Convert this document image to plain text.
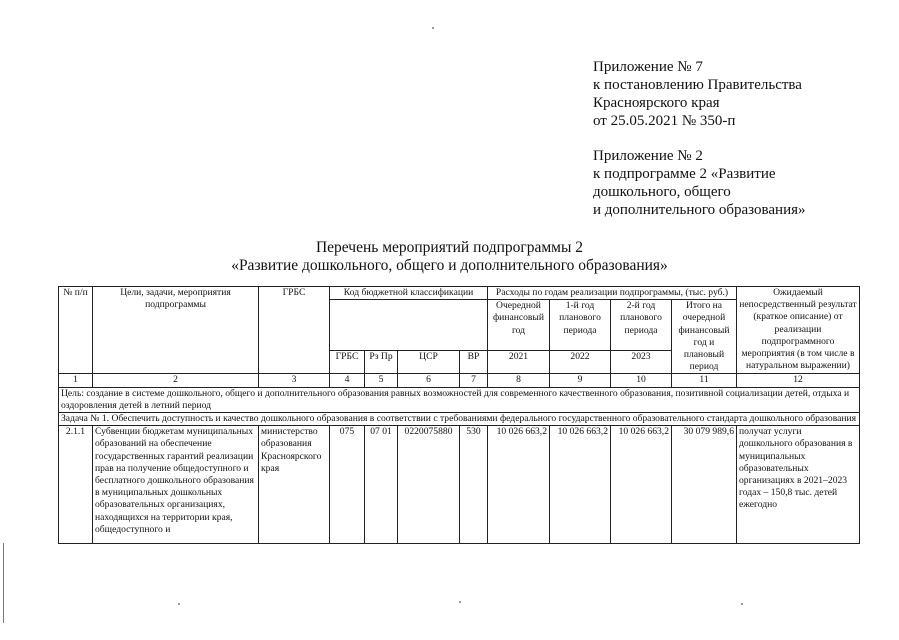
Приложение № 7
к постановлению Правительства
Красноярского края
от 25.05.2021 № 350-п
Приложение № 2
к подпрограмме 2 «Развитие
дошкольного, общего
и дополнительного образования»
Перечень мероприятий подпрограммы 2
«Развитие дошкольного, общего и дополнительного образования»
№ п/п	Цели, задачи, мероприятия подпрограммы	ГРБС	Код бюджетной классификации				Расходы по годам реализации подпрограммы, (тыс. руб.)				Ожидаемый непосредственный результат (краткое описание) от реализации подпрограммного мероприятия (в том числе в натуральном выражении)
							Очередной финансовый год	1-й год планового периода	2-й год планового периода	Итого на очередной финансовый год и плановый период	
			ГРБС	Рз Пр	ЦСР	ВР	2021	2022	2023		
1	2	3	4	5	6	7	8	9	10	11	12
Цель: создание в системе дошкольного, общего и дополнительного образования равных возможностей для современного качественного образования, позитивной социализации детей, отдыха и оздоровления детей в летний период											
Задача № 1. Обеспечить доступность и качество дошкольного образования в соответствии с требованиями федерального государственного образовательного стандарта дошкольного образования											
2.1.1	Субвенции бюджетам муниципальных образований на обеспечение государственных гарантий реализации прав на получение общедоступного и бесплатного дошкольного образования в муниципальных дошкольных образовательных организациях, находящихся на территории края, общедоступного и	министерство образования Красноярского края	075	07 01	0220075880	530	10 026 663,2	10 026 663,2	10 026 663,2	30 079 989,6	получат услуги дошкольного образования в муниципальных образовательных организациях в 2021–2023 годах – 150,8 тыс. детей ежегодно
